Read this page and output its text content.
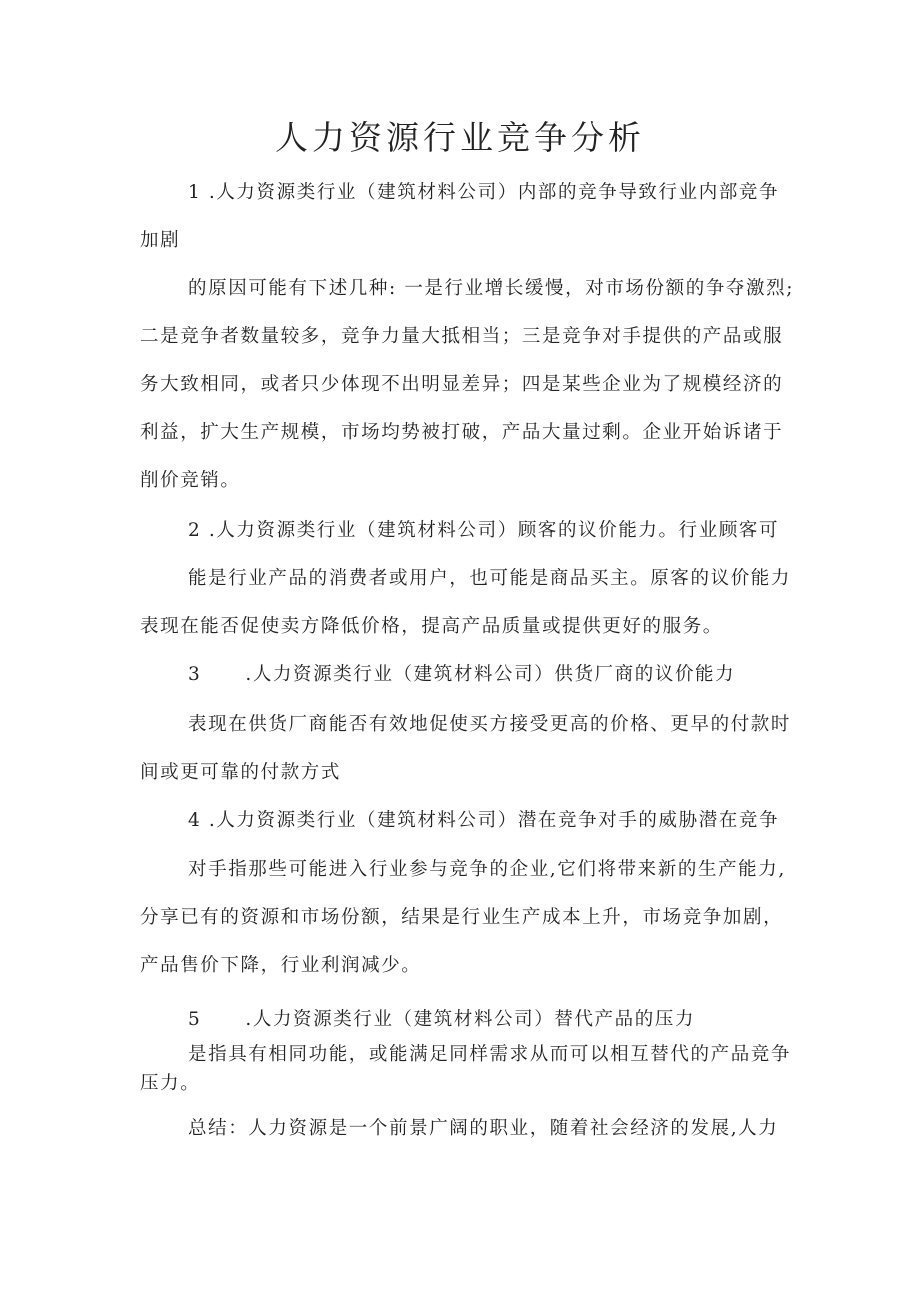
人力资源行业竞争分析
1 .人力资源类行业（建筑材料公司）内部的竞争导致行业内部竞争
加剧
的原因可能有下述几种: 一是行业增长缓慢，对市场份额的争夺激烈;
二是竞争者数量较多，竞争力量大抵相当；三是竞争对手提供的产品或服
务大致相同，或者只少体现不出明显差异；四是某些企业为了规模经济的
利益，扩大生产规模，市场均势被打破，产品大量过剩。企业开始诉诸于
削价竞销。
2 .人力资源类行业（建筑材料公司）顾客的议价能力。行业顾客可
能是行业产品的消费者或用户，也可能是商品买主。原客的议价能力
表现在能否促使卖方降低价格，提高产品质量或提供更好的服务。
3 .人力资源类行业（建筑材料公司）供货厂商的议价能力
表现在供货厂商能否有效地促使买方接受更高的价格、更早的付款时
间或更可靠的付款方式
4 .人力资源类行业（建筑材料公司）潜在竞争对手的威胁潜在竞争
对手指那些可能进入行业参与竞争的企业,它们将带来新的生产能力,
分享已有的资源和市场份额，结果是行业生产成本上升，市场竞争加剧，
产品售价下降，行业利润减少。
5 .人力资源类行业（建筑材料公司）替代产品的压力
是指具有相同功能，或能满足同样需求从而可以相互替代的产品竞争
压力。
总结：人力资源是一个前景广阔的职业，随着社会经济的发展,人力
